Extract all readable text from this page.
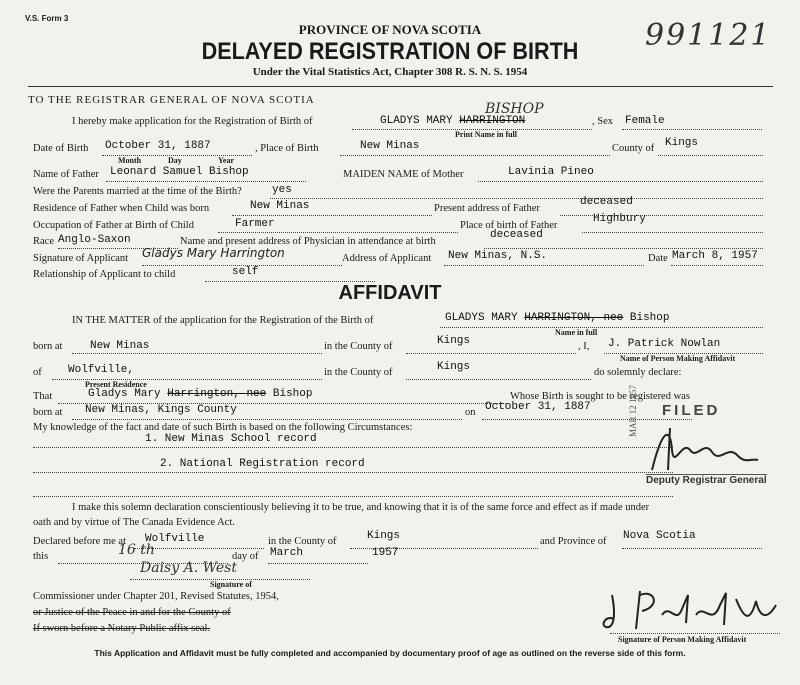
V.S. Form 3
PROVINCE OF NOVA SCOTIA
DELAYED REGISTRATION OF BIRTH
Under the Vital Statistics Act, Chapter 308 R. S. N. S. 1954
991121
TO THE REGISTRAR GENERAL OF NOVA SCOTIA
I hereby make application for the Registration of Birth of	GLADYS MARY HARRINGTON
BISHOP
Print Name in full
, Sex Female
Date of Birth October 31, 1887
Month	Day	Year
, Place of Birth	New Minas	County of Kings
Name of Father Leonard Samuel Bishop	MAIDEN NAME of Mother	Lavinia Pineo
Were the Parents married at the time of the Birth?	yes
Residence of Father when Child was born	New Minas	Present address of Father
deceased
Occupation of Father at Birth of Child	Farmer	Place of birth of Father
Highbury
Race Anglo-Saxon	Name and present address of Physician in attendance at birth
deceased
Signature of Applicant Gladys Mary Harrington	Address of Applicant New Minas, N.S.	Date March 8, 1957
Relationship of Applicant to child	self
AFFIDAVIT
IN THE MATTER of the application for the Registration of the Birth of	GLADYS MARY HARRINGTON, nee Bishop
Name in full
born at	New Minas	in the County of	Kings	, I, J. Patrick Nowlan
Name of Person Making Affidavit
of Wolfville,
Present Residence
in the County of	Kings	do solemnly declare:
That	Gladys Mary Harrington, nee Bishop	Whose Birth is sought to be registered was
born at New Minas, Kings County	on October 31, 1887
My knowledge of the fact and date of such Birth is based on the following Circumstances:
1. New Minas School record
2. National Registration record
FILED
MAR 12 1957
Deputy Registrar General
I make this solemn declaration conscientiously believing it to be true, and knowing that it is of the same force and effect as if made under
oath and by virtue of The Canada Evidence Act.
Declared before me at Wolfville	in the County of	Kings	and Province of Nova Scotia
this	16 th	day of March	1957
Daisy A. West
Signature of
Commissioner under Chapter 201, Revised Statutes, 1954,
or Justice of the Peace in and for the County of
If sworn before a Notary Public affix seal.
Signature of Person Making Affidavit
This Application and Affidavit must be fully completed and accompanied by documentary proof of age as outlined on the reverse side of this form.
